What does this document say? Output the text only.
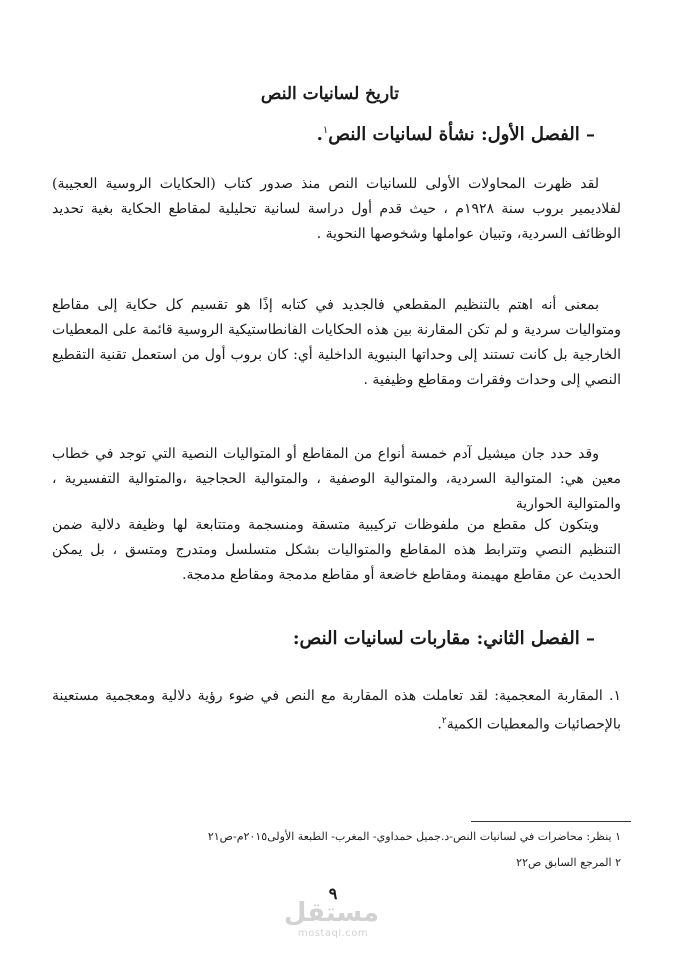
تاريخ لسانيات النص
– الفصل الأول: نشأة لسانيات النص$^١$.

لقد ظهرت المحاولات الأولى للسانيات النص منذ صدور كتاب (الحكايات الروسية العجيبة) لفلاديمير بروب سنة ١٩٢٨م ، حيث قدم أول دراسة لسانية تحليلية لمقاطع الحكاية بغية تحديد الوظائف السردية، وتبيان عواملها وشخوصها النحوية .

بمعنى أنه اهتم بالتنظيم المقطعي فالجديد في كتابه إذًا هو تقسيم كل حكاية إلى مقاطع ومتواليات سردية و لم تكن المقارنة بين هذه الحكايات الفانطاستيكية الروسية قائمة على المعطيات الخارجية بل كانت تستند إلى وحداتها البنيوية الداخلية أي: كان بروب أول من استعمل تقنية التقطيع النصي إلى وحدات وفقرات ومقاطع وظيفية .

وقد حدد جان ميشيل آدم خمسة أنواع من المقاطع أو المتواليات النصية التي توجد في خطاب معين هي: المتوالية السردية، والمتوالية الوصفية ، والمتوالية الحجاجية ،والمتوالية التفسيرية ، والمتوالية الحوارية

ويتكون كل مقطع من ملفوظات تركيبية متسقة ومنسجمة ومتتابعة لها وظيفة دلالية ضمن التنظيم النصي وتترابط هذه المقاطع والمتواليات بشكل متسلسل ومتدرج ومتسق ، بل يمكن الحديث عن مقاطع مهيمنة ومقاطع خاضعة أو مقاطع مدمجة ومقاطع مدمجة.

– الفصل الثاني: مقاربات لسانيات النص:

١. المقاربة المعجمية: لقد تعاملت هذه المقاربة مع النص في ضوء رؤية دلالية ومعجمية مستعينة بالإحصائيات والمعطيات الكمية$^٢$.

١ ينظر: محاضرات في لسانيات النص-د.جميل حمداوي- المغرب- الطبعة الأولى٢٠١٥م-ص٢١
٢ المرجع السابق ص٢٢
٩
مستقل
mostaql.com
